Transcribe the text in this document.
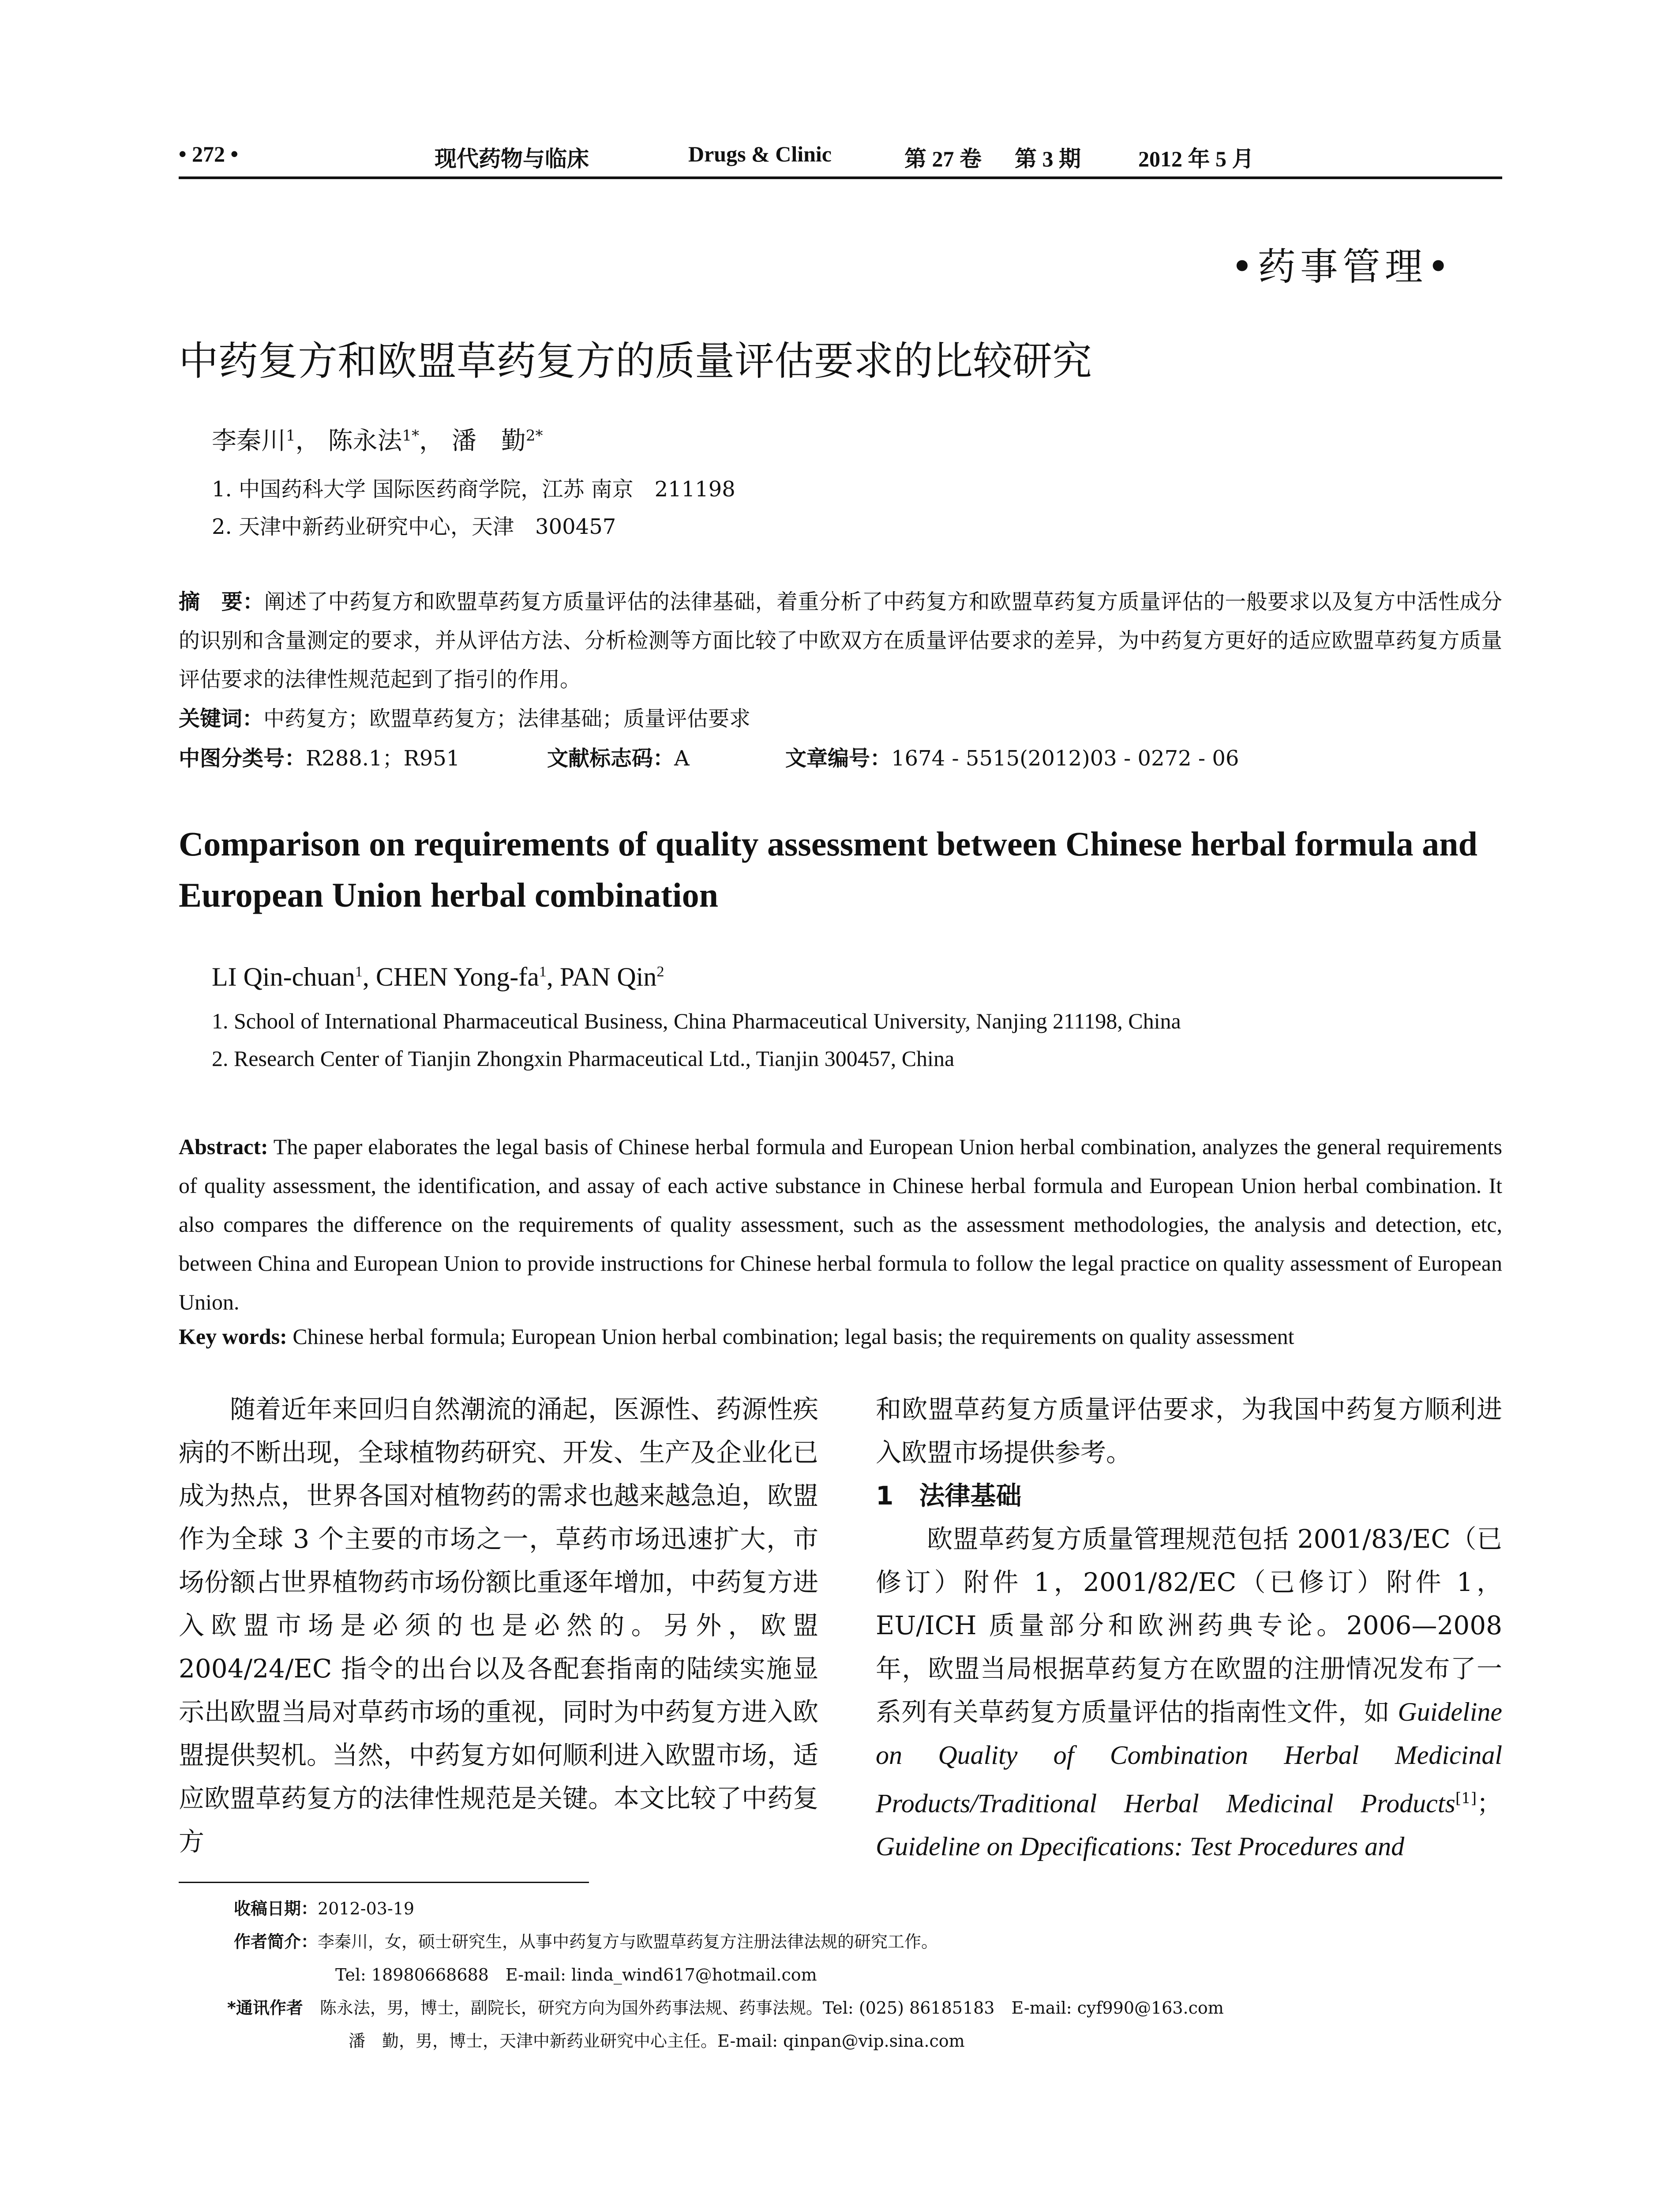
• 272 •	现代药物与临床	Drugs & Clinic	第 27 卷 第 3 期	2012 年 5 月
•药事管理•
中药复方和欧盟草药复方的质量评估要求的比较研究
李秦川$^1$， 陈永法$^{1*}$， 潘　勤$^{2*}$
1. 中国药科大学 国际医药商学院，江苏 南京　211198
2. 天津中新药业研究中心，天津　300457
摘　要：阐述了中药复方和欧盟草药复方质量评估的法律基础，着重分析了中药复方和欧盟草药复方质量评估的一般要求以及复方中活性成分的识别和含量测定的要求，并从评估方法、分析检测等方面比较了中欧双方在质量评估要求的差异，为中药复方更好的适应欧盟草药复方质量评估要求的法律性规范起到了指引的作用。
关键词：中药复方；欧盟草药复方；法律基础；质量评估要求
中图分类号：R288.1；R951	文献标志码：A	文章编号：1674 - 5515(2012)03 - 0272 - 06
Comparison on requirements of quality assessment between Chinese herbal formula and European Union herbal combination
LI Qin-chuan$^1$, CHEN Yong-$fa^1$, PAN Qin$^2$
1. School of International Pharmaceutical Business, China Pharmaceutical University, Nanjing 211198, China
2. Research Center of Tianjin Zhongxin Pharmaceutical Ltd., Tianjin 300457, China
Abstract: The paper elaborates the legal basis of Chinese herbal formula and European Union herbal combination, analyzes the general requirements of quality assessment, the identification, and assay of each active substance in Chinese herbal formula and European Union herbal combination. It also compares the difference on the requirements of quality assessment, such as the assessment methodologies, the analysis and detection, etc, between China and European Union to provide instructions for Chinese herbal formula to follow the legal practice on quality assessment of European Union.
Key words: Chinese herbal formula; European Union herbal combination; legal basis; the requirements on quality assessment

随着近年来回归自然潮流的涌起，医源性、药源性疾病的不断出现，全球植物药研究、开发、生产及企业化已成为热点，世界各国对植物药的需求也越来越急迫，欧盟作为全球 3 个主要的市场之一，草药市场迅速扩大，市场份额占世界植物药市场份额比重逐年增加，中药复方进入欧盟市场是必须的也是必然的。另外，欧盟 2004/24/EC 指令的出台以及各配套指南的陆续实施显示出欧盟当局对草药市场的重视，同时为中药复方进入欧盟提供契机。当然，中药复方如何顺利进入欧盟市场，适应欧盟草药复方的法律性规范是关键。本文比较了中药复方

和欧盟草药复方质量评估要求，为我国中药复方顺利进入欧盟市场提供参考。

1　 法律基础

欧盟草药复方质量管理规范包括 2001/83/EC（已修订）附件 1，2001/82/EC（已修订）附件 1，EU/ICH 质量部分和欧洲药典专论。2006—2008 年，欧盟当局根据草药复方在欧盟的注册情况发布了一系列有关草药复方质量评估的指南性文件，如 Guideline on Quality of Combination Herbal Medicinal Products/Traditional Herbal Medicinal Products[1]；Guideline on Dpecifications: Test Procedures and

收稿日期：2012-03-19
作者简介：李秦川，女，硕士研究生，从事中药复方与欧盟草药复方注册法律法规的研究工作。
Tel: 18980668688　E-mail: linda_wind617@hotmail.com
*通讯作者　 陈永法，男，博士，副院长，研究方向为国外药事法规、药事法规。Tel: (025) 86185183　E-mail: cyf990@163.com
潘　勤，男，博士，天津中新药业研究中心主任。E-mail: qinpan@vip.sina.com
